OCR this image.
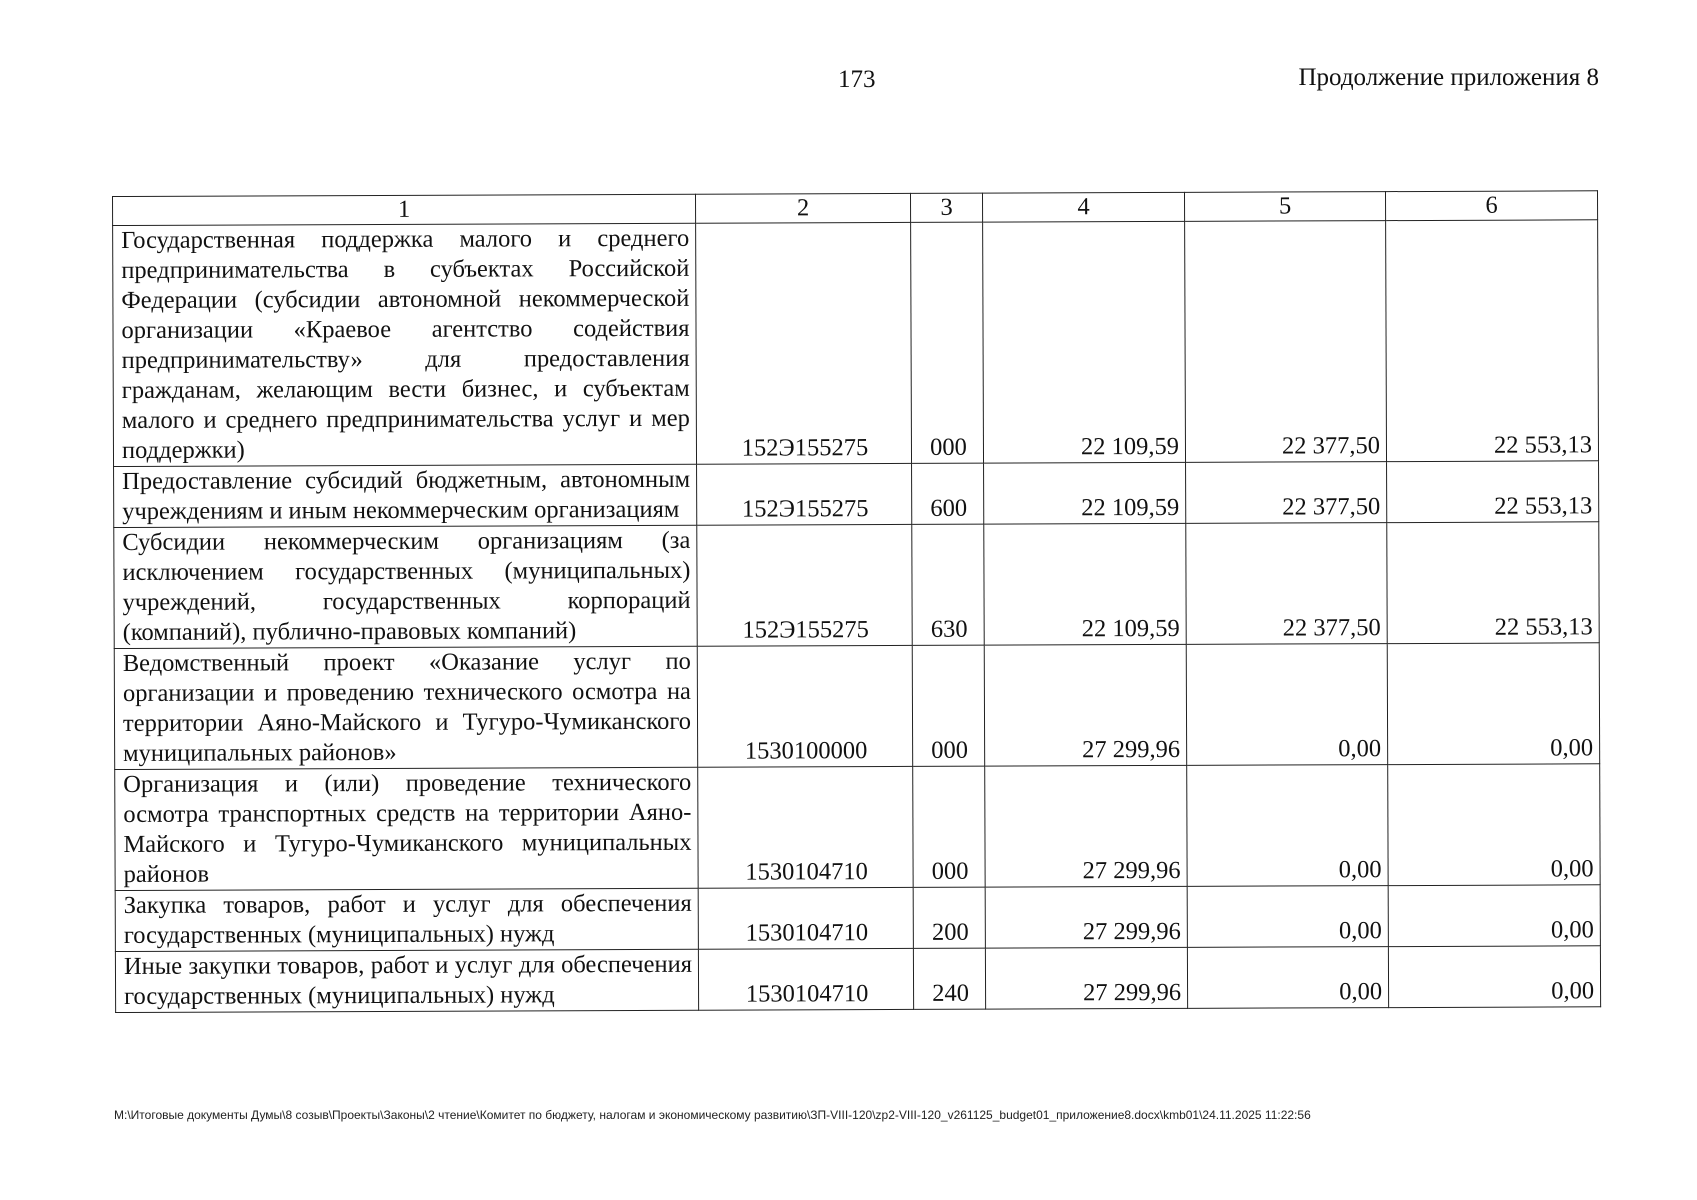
173	Продолжение приложения 8
1	2	3	4	5	6
Государственная поддержка малого и среднего предпринимательства в субъектах Российской Федерации (субсидии автономной некоммерческой организации «Краевое агентство содействия предпринимательству» для предоставления гражданам, желающим вести бизнес, и субъектам малого и среднего предпринимательства услуг и мер поддержки)	152Э155275	000	22 109,59	22 377,50	22 553,13
Предоставление субсидий бюджетным, автономным учреждениям и иным некоммерческим организациям	152Э155275	600	22 109,59	22 377,50	22 553,13
Субсидии некоммерческим организациям (за исключением государственных (муниципальных) учреждений, государственных корпораций (компаний), публично-правовых компаний)	152Э155275	630	22 109,59	22 377,50	22 553,13
Ведомственный проект «Оказание услуг по организации и проведению технического осмотра на территории Аяно-Майского и Тугуро-Чумиканского муниципальных районов»	1530100000	000	27 299,96	0,00	0,00
Организация и (или) проведение технического осмотра транспортных средств на территории Аяно-Майского и Тугуро-Чумиканского муниципальных районов	1530104710	000	27 299,96	0,00	0,00
Закупка товаров, работ и услуг для обеспечения государственных (муниципальных) нужд	1530104710	200	27 299,96	0,00	0,00
Иные закупки товаров, работ и услуг для обеспечения государственных (муниципальных) нужд	1530104710	240	27 299,96	0,00	0,00
M:\Итоговые документы Думы\8 созыв\Проекты\Законы\2 чтение\Комитет по бюджету, налогам и экономическому развитию\ЗП-VIII-120\zp2-VIII-120_v261125_budget01_приложение8.docx\kmb01\24.11.2025 11:22:56
